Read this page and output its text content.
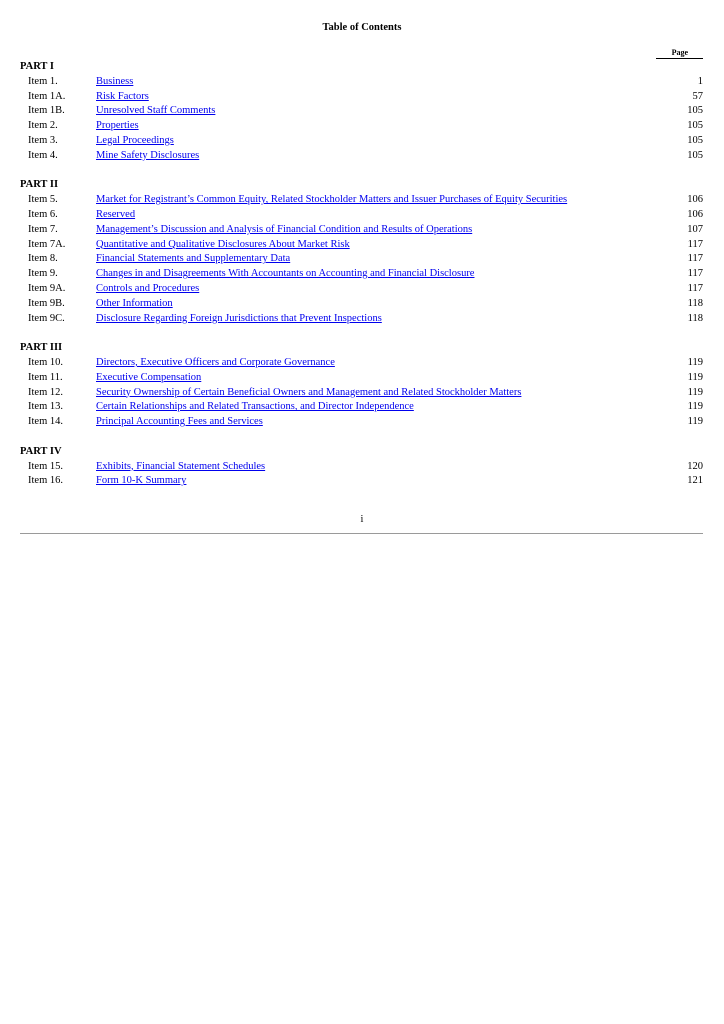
Table of Contents
Page
PART I
Item 1.	Business	1
Item 1A.	Risk Factors	57
Item 1B.	Unresolved Staff Comments	105
Item 2.	Properties	105
Item 3.	Legal Proceedings	105
Item 4.	Mine Safety Disclosures	105
PART II
Item 5.	Market for Registrant’s Common Equity, Related Stockholder Matters and Issuer Purchases of Equity Securities	106
Item 6.	Reserved	106
Item 7.	Management’s Discussion and Analysis of Financial Condition and Results of Operations	107
Item 7A.	Quantitative and Qualitative Disclosures About Market Risk	117
Item 8.	Financial Statements and Supplementary Data	117
Item 9.	Changes in and Disagreements With Accountants on Accounting and Financial Disclosure	117
Item 9A.	Controls and Procedures	117
Item 9B.	Other Information	118
Item 9C.	Disclosure Regarding Foreign Jurisdictions that Prevent Inspections	118
PART III
Item 10.	Directors, Executive Officers and Corporate Governance	119
Item 11.	Executive Compensation	119
Item 12.	Security Ownership of Certain Beneficial Owners and Management and Related Stockholder Matters	119
Item 13.	Certain Relationships and Related Transactions, and Director Independence	119
Item 14.	Principal Accounting Fees and Services	119
PART IV
Item 15.	Exhibits, Financial Statement Schedules	120
Item 16.	Form 10-K Summary	121
i
